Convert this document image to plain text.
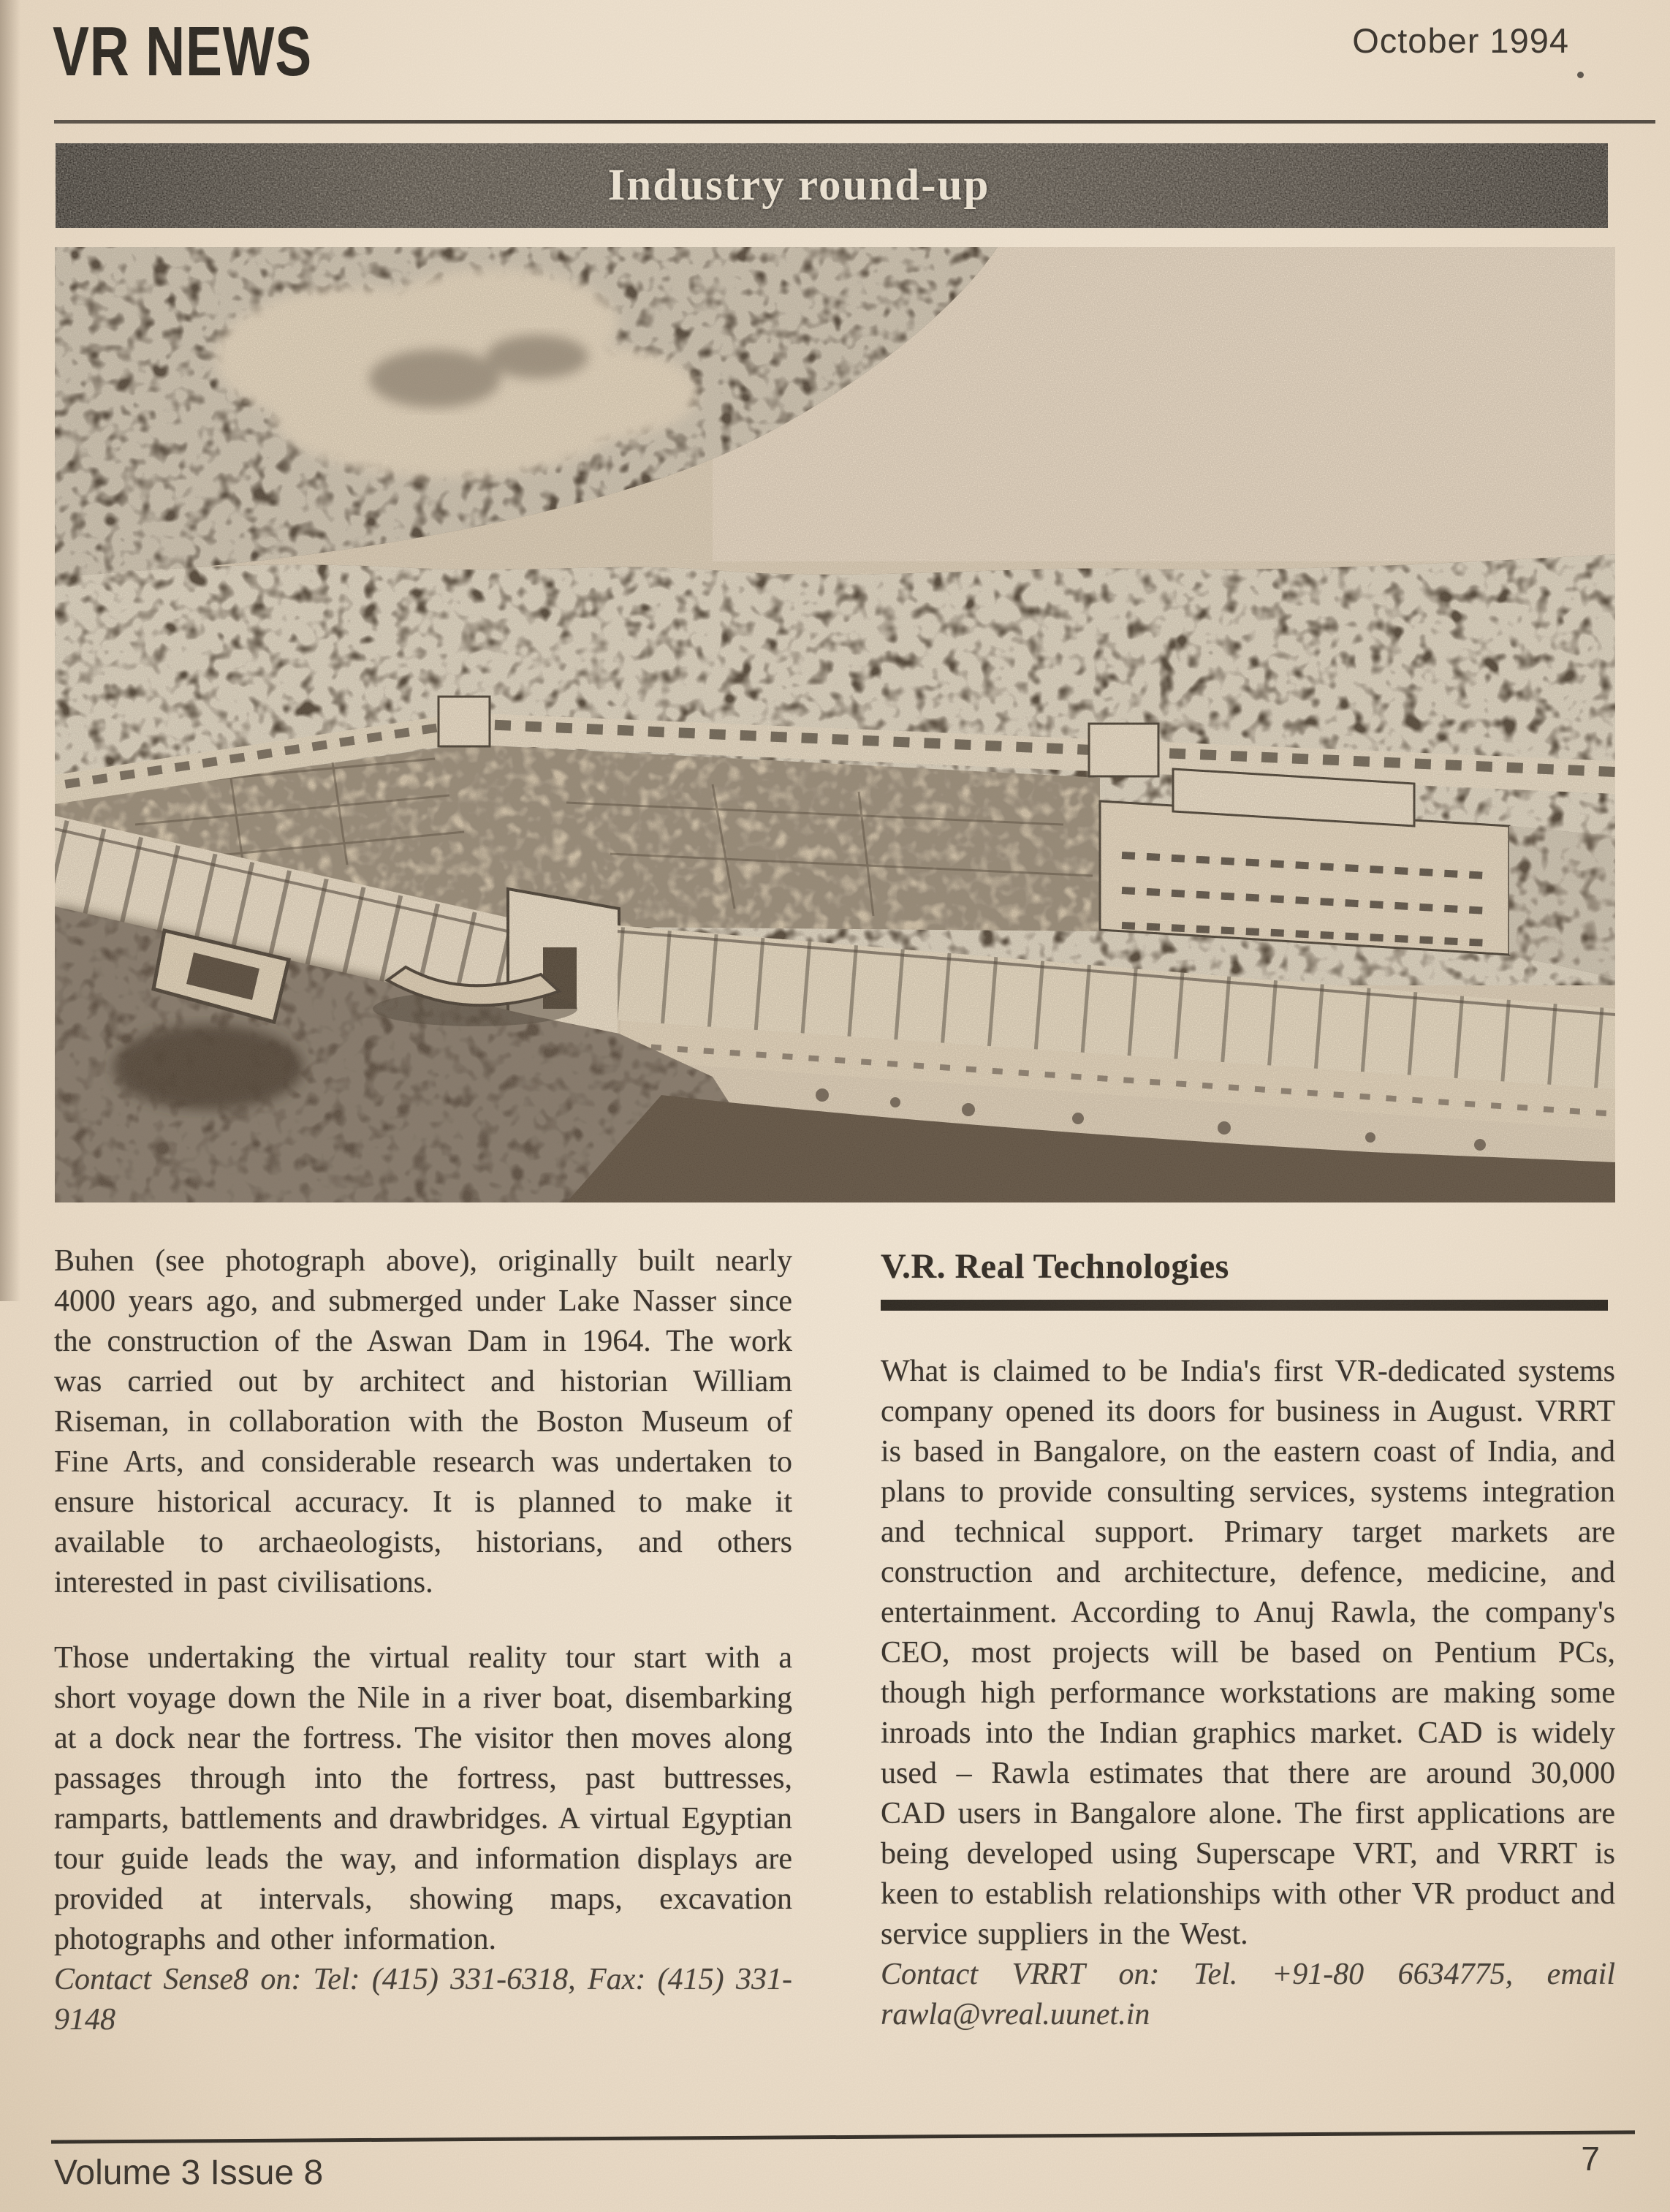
VR NEWS	October 1994
Industry round-up

Buhen (see photograph above), originally built nearly 4000 years ago, and submerged under Lake Nasser since the construction of the Aswan Dam in 1964. The work was carried out by architect and historian William Riseman, in collaboration with the Boston Museum of Fine Arts, and considerable research was undertaken to ensure historical accuracy. It is planned to make it available to archaeologists, historians, and others interested in past civilisations.

Those undertaking the virtual reality tour start with a short voyage down the Nile in a river boat, disembarking at a dock near the fortress. The visitor then moves along passages through into the fortress, past buttresses, ramparts, battlements and drawbridges. A virtual Egyptian tour guide leads the way, and information displays are provided at intervals, showing maps, excavation photographs and other information.

Contact Sense8 on: Tel: (415) 331-6318, Fax: (415) 331-9148

V.R. Real Technologies

What is claimed to be India's first VR-dedicated systems company opened its doors for business in August. VRRT is based in Bangalore, on the eastern coast of India, and plans to provide consulting services, systems integration and technical support. Primary target markets are construction and architecture, defence, medicine, and entertainment. According to Anuj Rawla, the company's CEO, most projects will be based on Pentium PCs, though high performance workstations are making some inroads into the Indian graphics market. CAD is widely used – Rawla estimates that there are around 30,000 CAD users in Bangalore alone. The first applications are being developed using Superscape VRT, and VRRT is keen to establish relationships with other VR product and service suppliers in the West.

Contact VRRT on: Tel. +91-80 6634775, email rawla@vreal.uunet.in

Volume 3 Issue 8	7
